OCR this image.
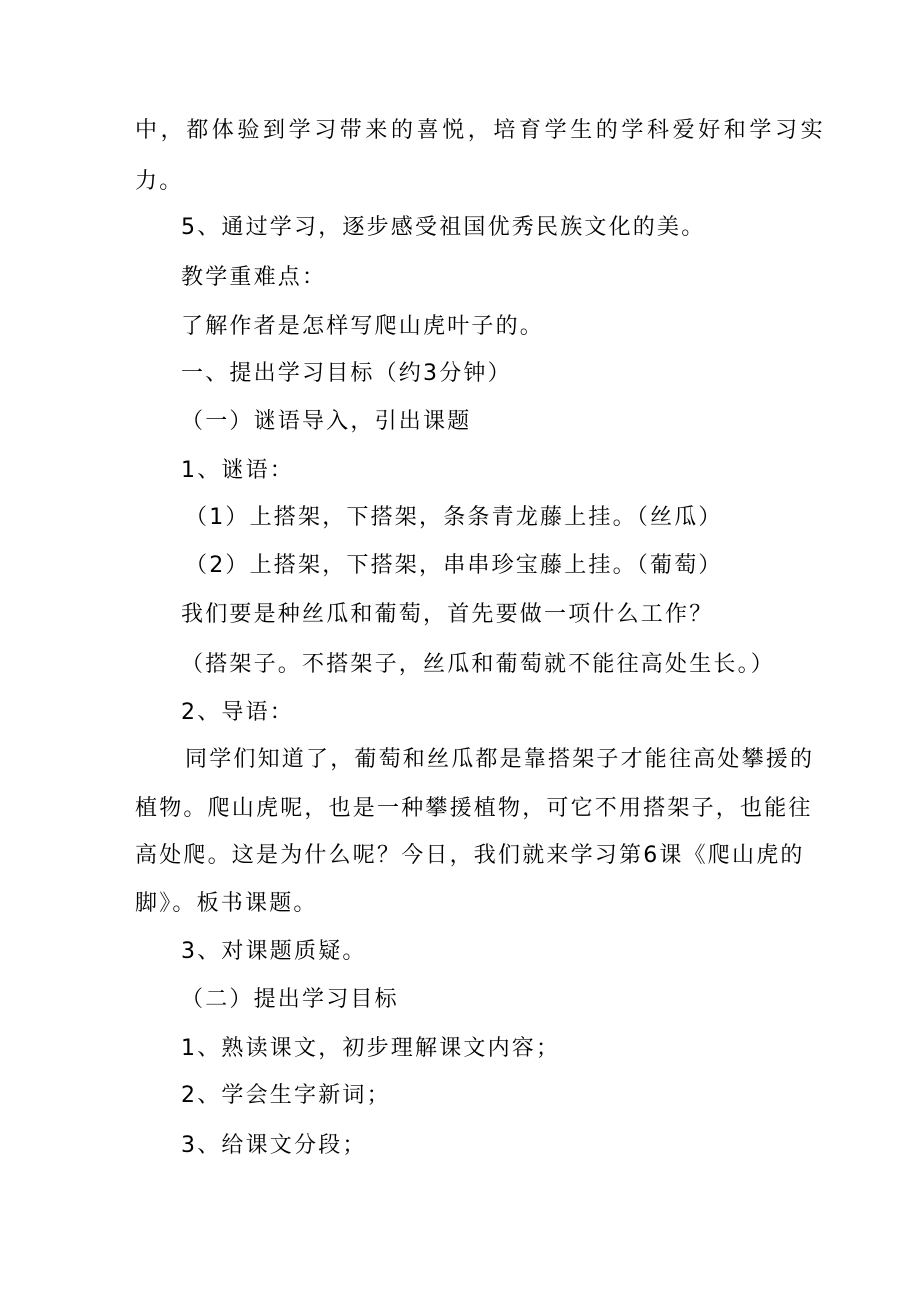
中，都体验到学习带来的喜悦，培育学生的学科爱好和学习实

力。

5、通过学习，逐步感受祖国优秀民族文化的美。

教学重难点：

了解作者是怎样写爬山虎叶子的。

一、提出学习目标（约3分钟）

（一）谜语导入，引出课题

1、谜语：

（1）上搭架，下搭架，条条青龙藤上挂。（丝瓜）

（2）上搭架，下搭架，串串珍宝藤上挂。（葡萄）

我们要是种丝瓜和葡萄，首先要做一项什么工作？

（搭架子。不搭架子，丝瓜和葡萄就不能往高处生长。）

2、导语：

同学们知道了，葡萄和丝瓜都是靠搭架子才能往高处攀援的

植物。爬山虎呢，也是一种攀援植物，可它不用搭架子，也能往

高处爬。这是为什么呢？今日，我们就来学习第6课《爬山虎的

脚》。板书课题。

3、对课题质疑。

（二）提出学习目标

1、熟读课文，初步理解课文内容；

2、学会生字新词；

3、给课文分段；
